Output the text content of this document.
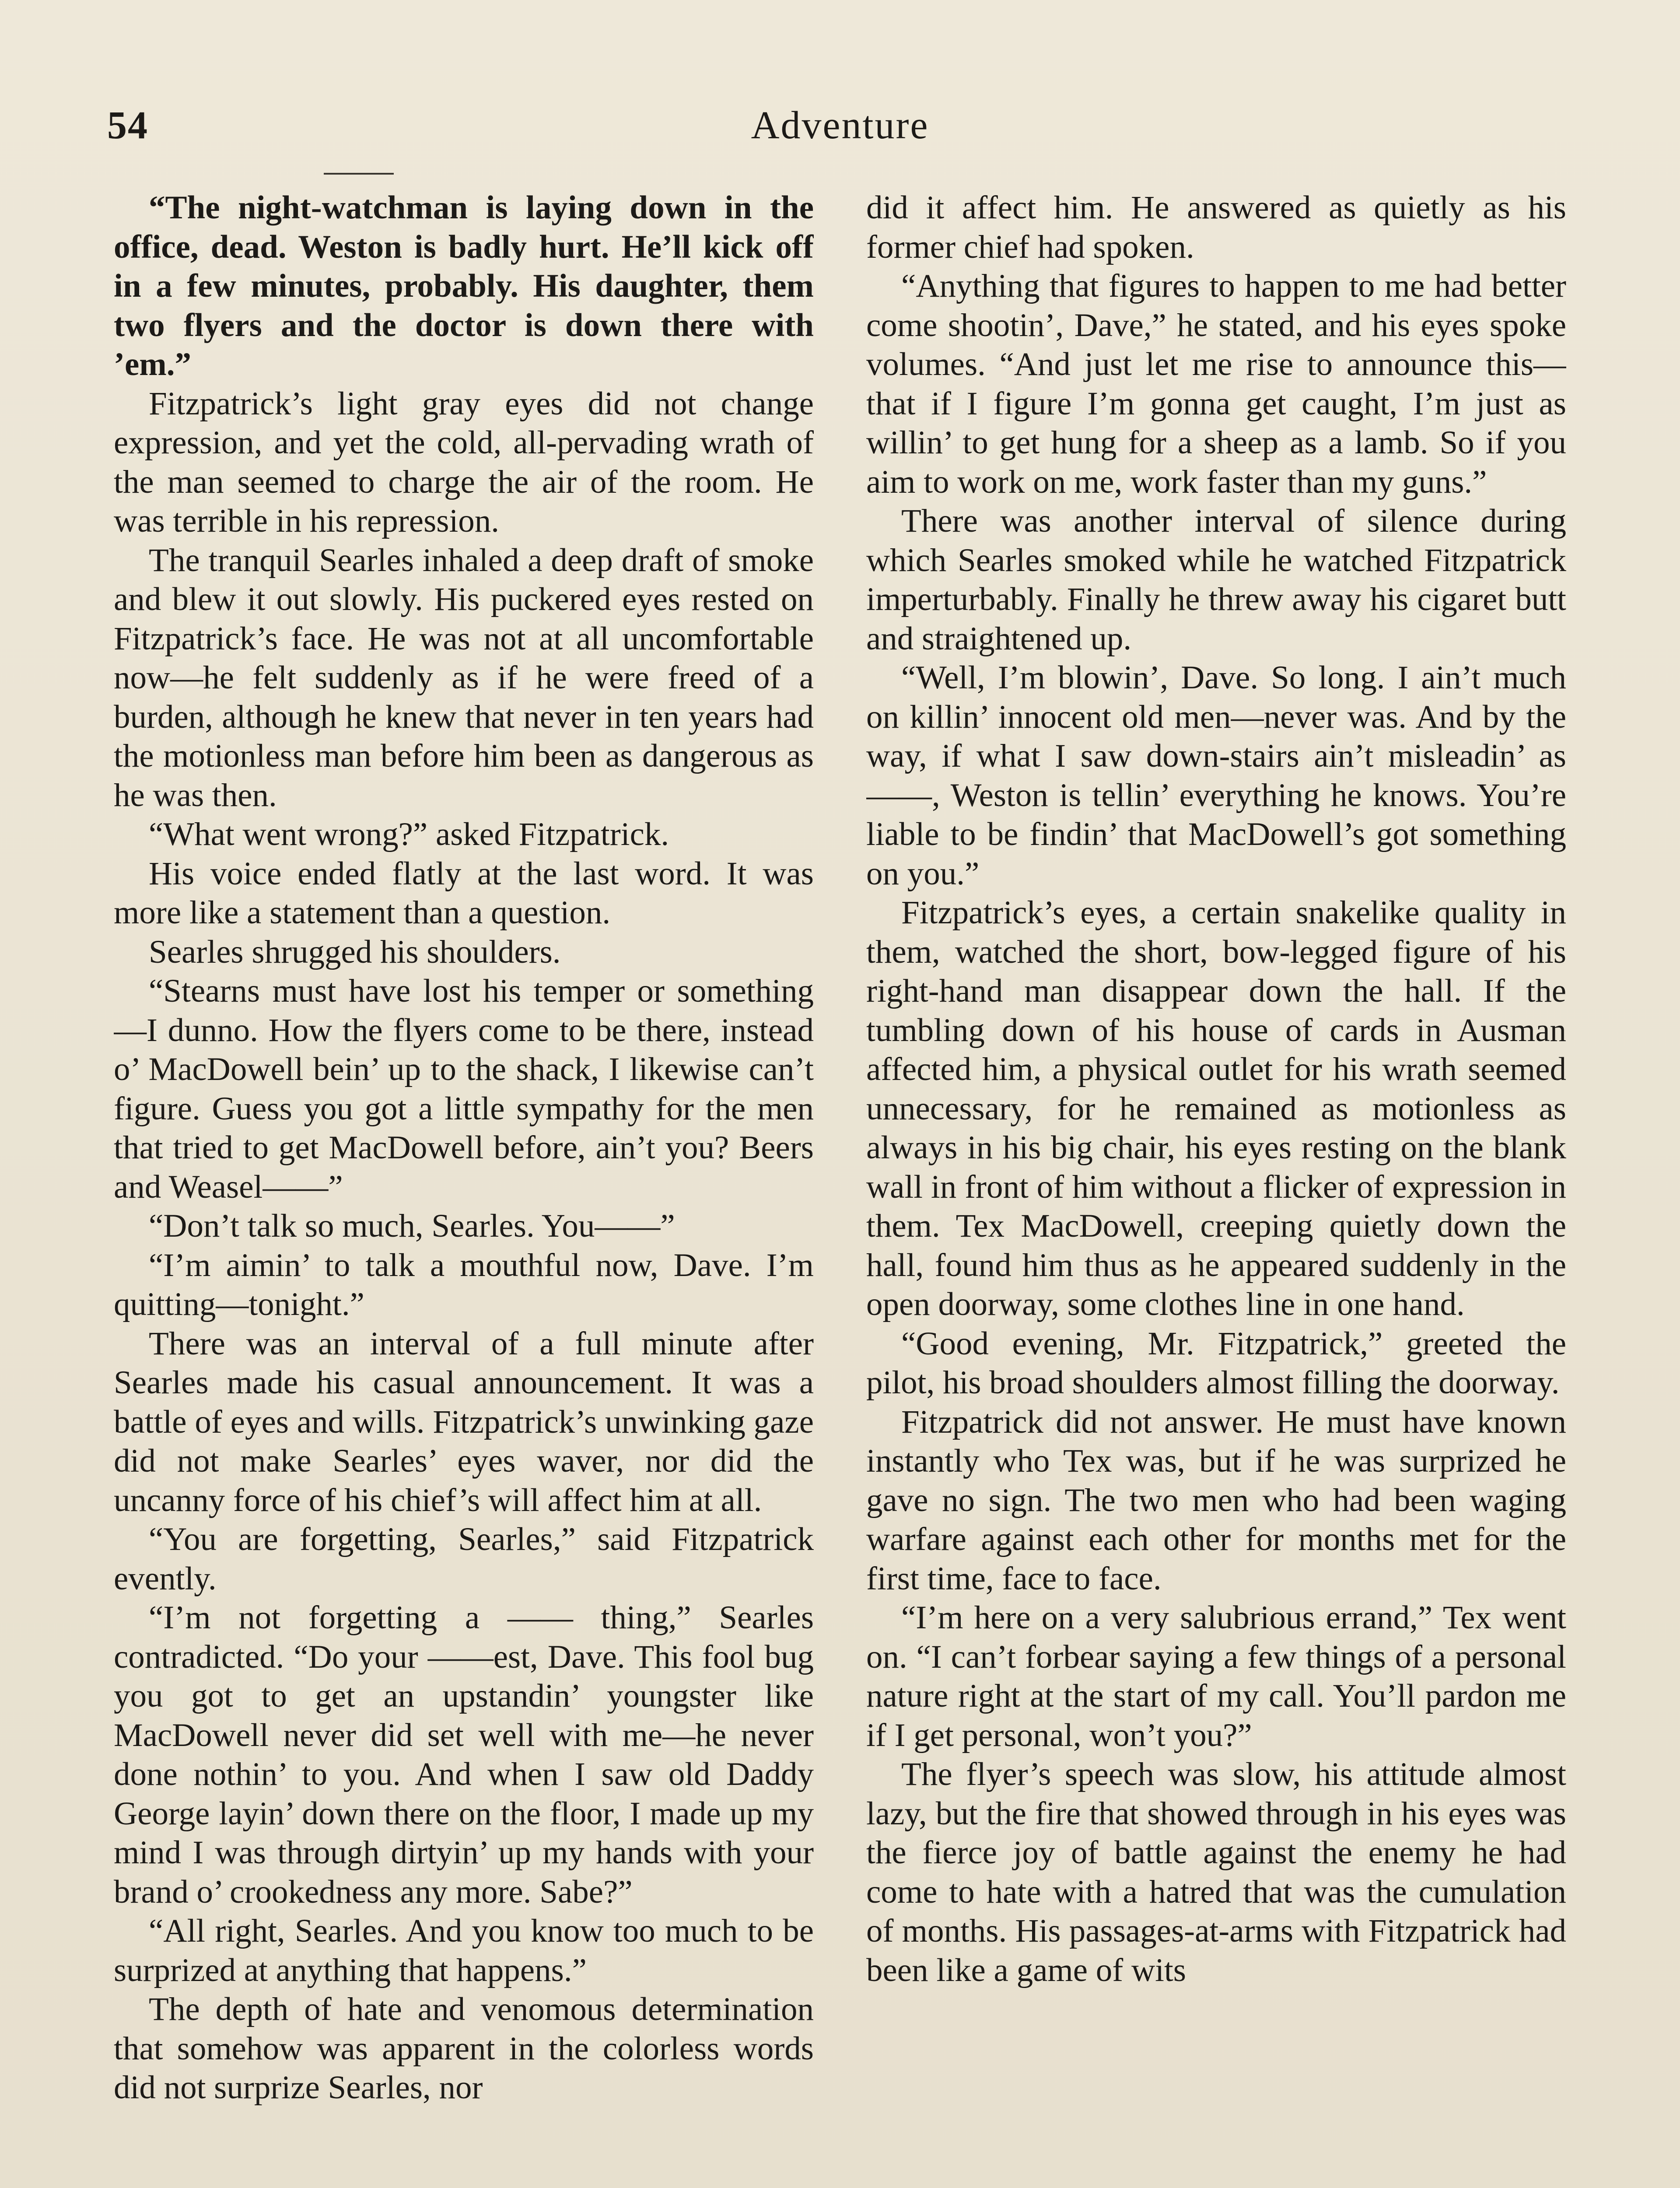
54	Adventure

“The night-watchman is laying down in the office, dead. Weston is badly hurt. He’ll kick off in a few minutes, probably. His daughter, them two flyers and the doctor is down there with ’em.”

Fitzpatrick’s light gray eyes did not change expression, and yet the cold, all-pervading wrath of the man seemed to charge the air of the room. He was terrible in his repression.

The tranquil Searles inhaled a deep draft of smoke and blew it out slowly. His puckered eyes rested on Fitzpatrick’s face. He was not at all uncomfortable now—he felt suddenly as if he were freed of a burden, although he knew that never in ten years had the motionless man before him been as dangerous as he was then.

“What went wrong?” asked Fitzpatrick.

His voice ended flatly at the last word. It was more like a statement than a question.

Searles shrugged his shoulders.

“Stearns must have lost his temper or something—I dunno. How the flyers come to be there, instead o’ MacDowell bein’ up to the shack, I likewise can’t figure. Guess you got a little sympathy for the men that tried to get MacDowell before, ain’t you? Beers and Weasel——”

“Don’t talk so much, Searles. You——”

“I’m aimin’ to talk a mouthful now, Dave. I’m quitting—tonight.”

There was an interval of a full minute after Searles made his casual announcement. It was a battle of eyes and wills. Fitzpatrick’s unwinking gaze did not make Searles’ eyes waver, nor did the uncanny force of his chief’s will affect him at all.

“You are forgetting, Searles,” said Fitzpatrick evently.

“I’m not forgetting a —— thing,” Searles contradicted. “Do your ——est, Dave. This fool bug you got to get an upstandin’ youngster like MacDowell never did set well with me—he never done nothin’ to you. And when I saw old Daddy George layin’ down there on the floor, I made up my mind I was through dirtyin’ up my hands with your brand o’ crookedness any more. Sabe?”

“All right, Searles. And you know too much to be surprized at anything that happens.”

The depth of hate and venomous determination that somehow was apparent in the colorless words did not surprize Searles, nor

did it affect him. He answered as quietly as his former chief had spoken.

“Anything that figures to happen to me had better come shootin’, Dave,” he stated, and his eyes spoke volumes. “And just let me rise to announce this—that if I figure I’m gonna get caught, I’m just as willin’ to get hung for a sheep as a lamb. So if you aim to work on me, work faster than my guns.”

There was another interval of silence during which Searles smoked while he watched Fitzpatrick imperturbably. Finally he threw away his cigaret butt and straightened up.

“Well, I’m blowin’, Dave. So long. I ain’t much on killin’ innocent old men—never was. And by the way, if what I saw down-stairs ain’t misleadin’ as ——, Weston is tellin’ everything he knows. You’re liable to be findin’ that MacDowell’s got something on you.”

Fitzpatrick’s eyes, a certain snakelike quality in them, watched the short, bow-legged figure of his right-hand man disappear down the hall. If the tumbling down of his house of cards in Ausman affected him, a physical outlet for his wrath seemed unnecessary, for he remained as motionless as always in his big chair, his eyes resting on the blank wall in front of him without a flicker of expression in them. Tex MacDowell, creeping quietly down the hall, found him thus as he appeared suddenly in the open doorway, some clothes line in one hand.

“Good evening, Mr. Fitzpatrick,” greeted the pilot, his broad shoulders almost filling the doorway.

Fitzpatrick did not answer. He must have known instantly who Tex was, but if he was surprized he gave no sign. The two men who had been waging warfare against each other for months met for the first time, face to face.

“I’m here on a very salubrious errand,” Tex went on. “I can’t forbear saying a few things of a personal nature right at the start of my call. You’ll pardon me if I get personal, won’t you?”

The flyer’s speech was slow, his attitude almost lazy, but the fire that showed through in his eyes was the fierce joy of battle against the enemy he had come to hate with a hatred that was the cumulation of months. His passages-at-arms with Fitzpatrick had been like a game of wits
